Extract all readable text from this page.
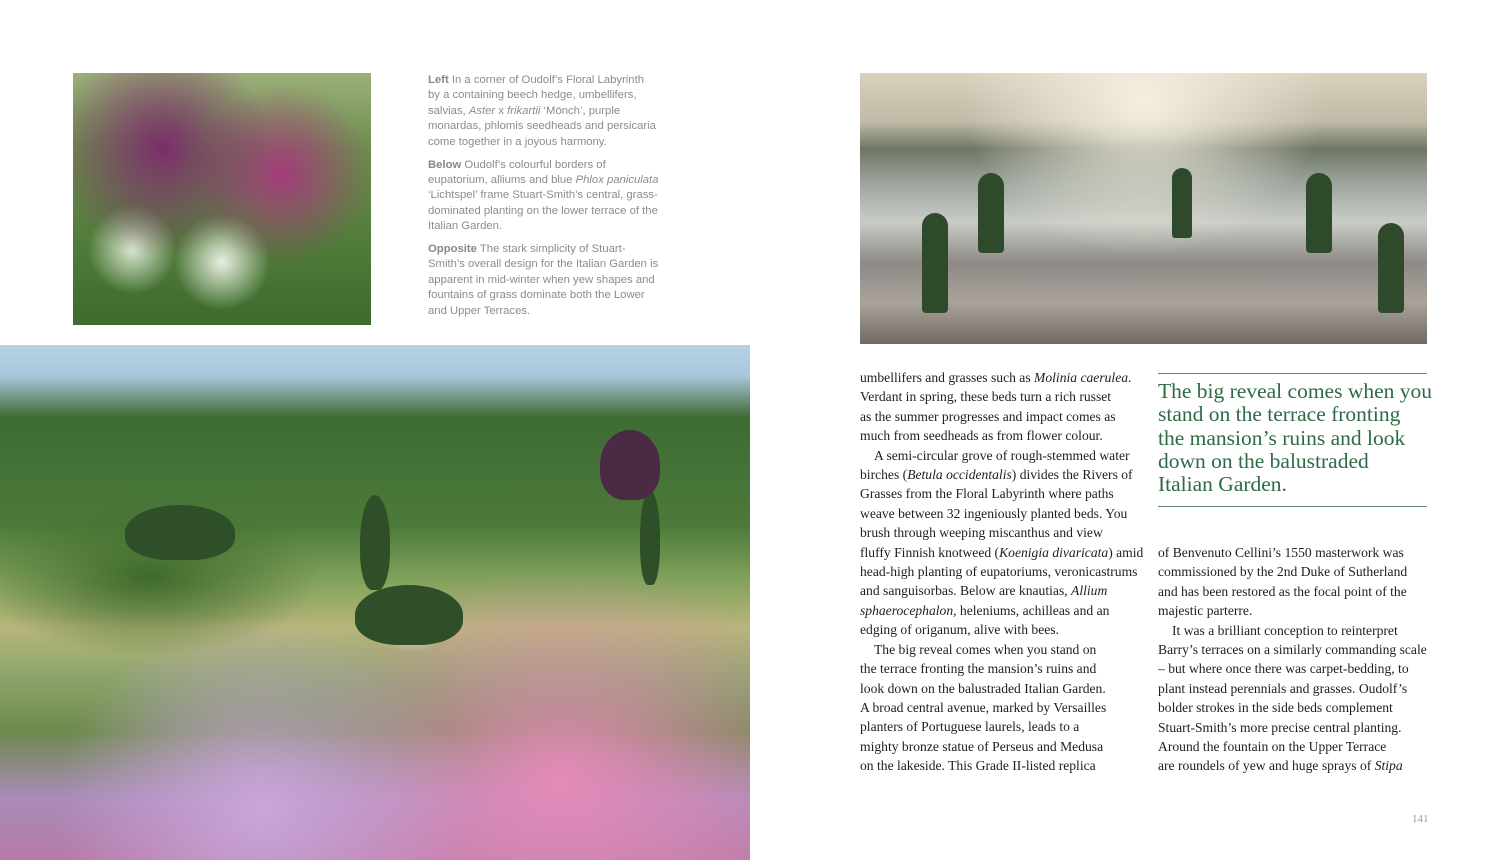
Left In a corner of Oudolf’s Floral Labyrinth
by a containing beech hedge, umbellifers,
salvias, Aster x frikartii ‘Mönch’, purple
monardas, phlomis seedheads and persicaria
come together in a joyous harmony.
Below Oudolf’s colourful borders of
eupatorium, alliums and blue Phlox paniculata
‘Lichtspel’ frame Stuart-Smith’s central, grass-
dominated planting on the lower terrace of the
Italian Garden.
Opposite The stark simplicity of Stuart-
Smith’s overall design for the Italian Garden is
apparent in mid-winter when yew shapes and
fountains of grass dominate both the Lower
and Upper Terraces.
The big reveal comes when you
stand on the terrace fronting
the mansion’s ruins and look
down on the balustraded
Italian Garden.
umbellifers and grasses such as Molinia caerulea.
Verdant in spring, these beds turn a rich russet
as the summer progresses and impact comes as
much from seedheads as from flower colour.
A semi-circular grove of rough-stemmed water
birches (Betula occidentalis) divides the Rivers of
Grasses from the Floral Labyrinth where paths
weave between 32 ingeniously planted beds. You
brush through weeping miscanthus and view
fluffy Finnish knotweed (Koenigia divaricata) amid
head-high planting of eupatoriums, veronicastrums
and sanguisorbas. Below are knautias, Allium
sphaerocephalon, heleniums, achilleas and an
edging of origanum, alive with bees.
The big reveal comes when you stand on
the terrace fronting the mansion’s ruins and
look down on the balustraded Italian Garden.
A broad central avenue, marked by Versailles
planters of Portuguese laurels, leads to a
mighty bronze statue of Perseus and Medusa
on the lakeside. This Grade II-listed replica
of Benvenuto Cellini’s 1550 masterwork was
commissioned by the 2nd Duke of Sutherland
and has been restored as the focal point of the
majestic parterre.
It was a brilliant conception to reinterpret
Barry’s terraces on a similarly commanding scale
– but where once there was carpet-bedding, to
plant instead perennials and grasses. Oudolf’s
bolder strokes in the side beds complement
Stuart-Smith’s more precise central planting.
Around the fountain on the Upper Terrace
are roundels of yew and huge sprays of Stipa
141
